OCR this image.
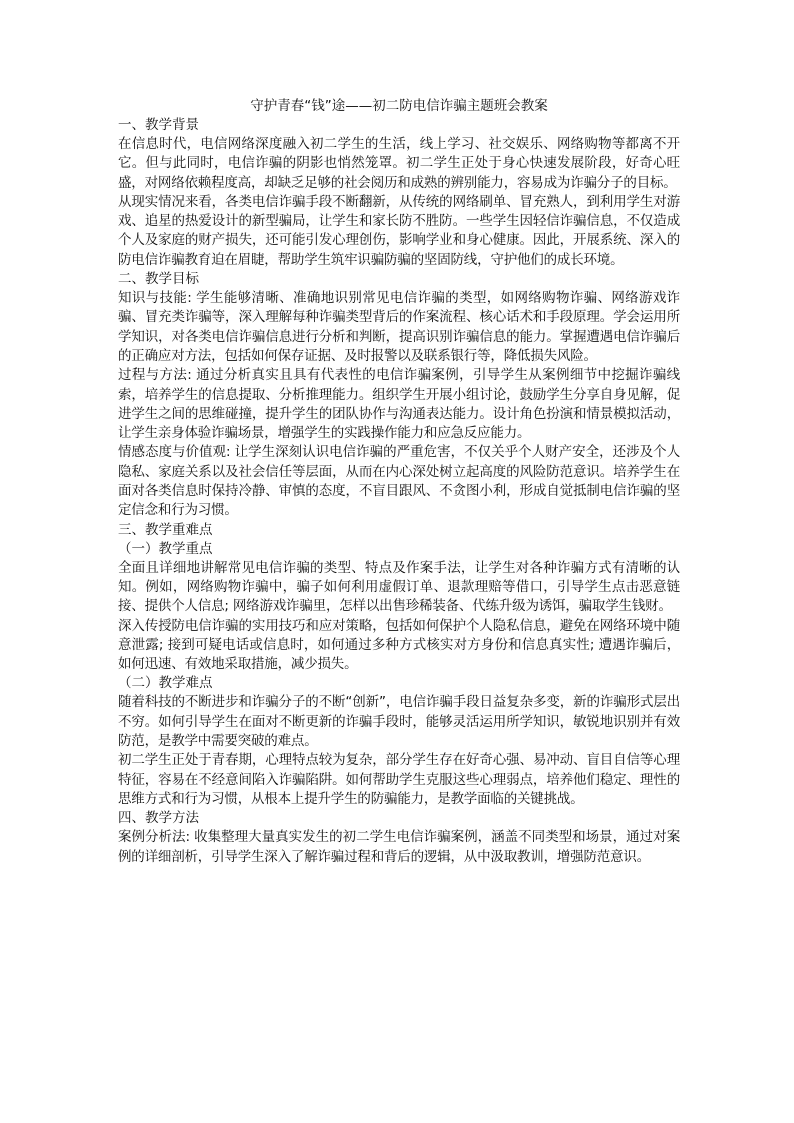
守护青春“钱”途——初二防电信诈骗主题班会教案
一、教学背景

在信息时代，电信网络深度融入初二学生的生活，线上学习、社交娱乐、网络购物等都离不开它。但与此同时，电信诈骗的阴影也悄然笼罩。初二学生正处于身心快速发展阶段，好奇心旺盛，对网络依赖程度高，却缺乏足够的社会阅历和成熟的辨别能力，容易成为诈骗分子的目标。

从现实情况来看，各类电信诈骗手段不断翻新，从传统的网络刷单、冒充熟人，到利用学生对游戏、追星的热爱设计的新型骗局，让学生和家长防不胜防。一些学生因轻信诈骗信息，不仅造成个人及家庭的财产损失，还可能引发心理创伤，影响学业和身心健康。因此，开展系统、深入的防电信诈骗教育迫在眉睫，帮助学生筑牢识骗防骗的坚固防线，守护他们的成长环境。

二、教学目标

知识与技能: 学生能够清晰、准确地识别常见电信诈骗的类型，如网络购物诈骗、网络游戏诈骗、冒充类诈骗等，深入理解每种诈骗类型背后的作案流程、核心话术和手段原理。学会运用所学知识，对各类电信诈骗信息进行分析和判断，提高识别诈骗信息的能力。掌握遭遇电信诈骗后的正确应对方法，包括如何保存证据、及时报警以及联系银行等，降低损失风险。

过程与方法: 通过分析真实且具有代表性的电信诈骗案例，引导学生从案例细节中挖掘诈骗线索，培养学生的信息提取、分析推理能力。组织学生开展小组讨论，鼓励学生分享自身见解，促进学生之间的思维碰撞，提升学生的团队协作与沟通表达能力。设计角色扮演和情景模拟活动，让学生亲身体验诈骗场景，增强学生的实践操作能力和应急反应能力。

情感态度与价值观: 让学生深刻认识电信诈骗的严重危害，不仅关乎个人财产安全，还涉及个人隐私、家庭关系以及社会信任等层面，从而在内心深处树立起高度的风险防范意识。培养学生在面对各类信息时保持冷静、审慎的态度，不盲目跟风、不贪图小利，形成自觉抵制电信诈骗的坚定信念和行为习惯。

三、教学重难点
（一）教学重点

全面且详细地讲解常见电信诈骗的类型、特点及作案手法，让学生对各种诈骗方式有清晰的认知。例如，网络购物诈骗中，骗子如何利用虚假订单、退款理赔等借口，引导学生点击恶意链接、提供个人信息; 网络游戏诈骗里，怎样以出售珍稀装备、代练升级为诱饵，骗取学生钱财。

深入传授防电信诈骗的实用技巧和应对策略，包括如何保护个人隐私信息，避免在网络环境中随意泄露; 接到可疑电话或信息时，如何通过多种方式核实对方身份和信息真实性; 遭遇诈骗后，如何迅速、有效地采取措施，减少损失。

（二）教学难点

随着科技的不断进步和诈骗分子的不断“创新”，电信诈骗手段日益复杂多变，新的诈骗形式层出不穷。如何引导学生在面对不断更新的诈骗手段时，能够灵活运用所学知识，敏锐地识别并有效防范，是教学中需要突破的难点。

初二学生正处于青春期，心理特点较为复杂，部分学生存在好奇心强、易冲动、盲目自信等心理特征，容易在不经意间陷入诈骗陷阱。如何帮助学生克服这些心理弱点，培养他们稳定、理性的思维方式和行为习惯，从根本上提升学生的防骗能力，是教学面临的关键挑战。

四、教学方法

案例分析法: 收集整理大量真实发生的初二学生电信诈骗案例，涵盖不同类型和场景，通过对案例的详细剖析，引导学生深入了解诈骗过程和背后的逻辑，从中汲取教训，增强防范意识。
